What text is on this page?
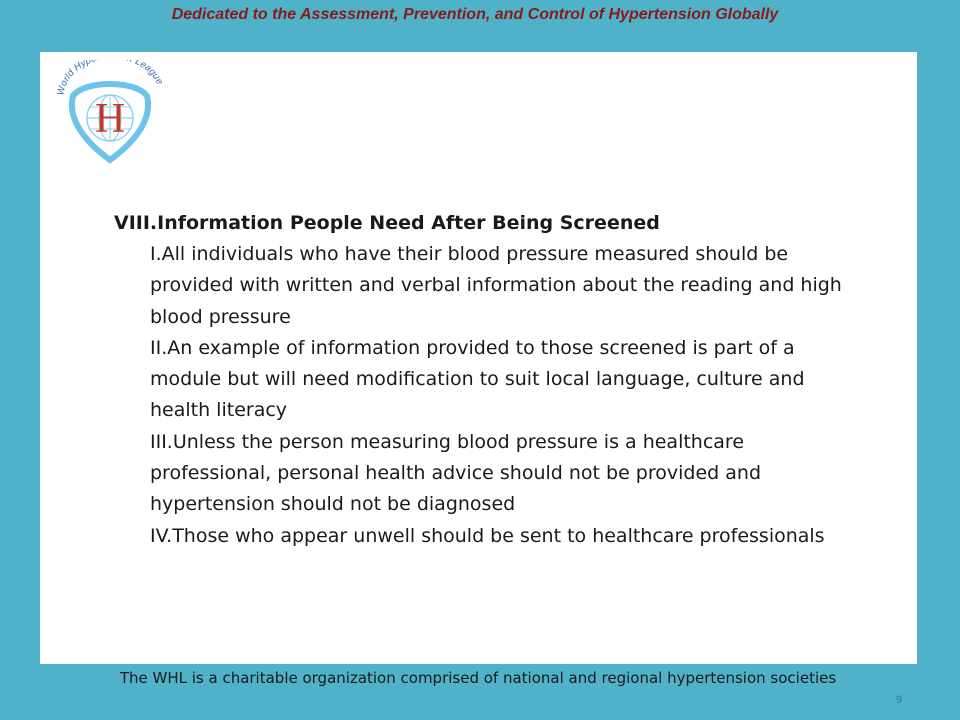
Dedicated to the Assessment, Prevention, and Control of Hypertension Globally
World Hyp League
H

VIII.Information People Need After Being Screened

I.All individuals who have their blood pressure measured should be provided with written and verbal information about the reading and high blood pressure
II.An example of information provided to those screened is part of a module but will need modification to suit local language, culture and health literacy
III.Unless the person measuring blood pressure is a healthcare professional, personal health advice should not be provided and hypertension should not be diagnosed
IV.Those who appear unwell should be sent to healthcare professionals
The WHL is a charitable organization comprised of national and regional hypertension societies
9
